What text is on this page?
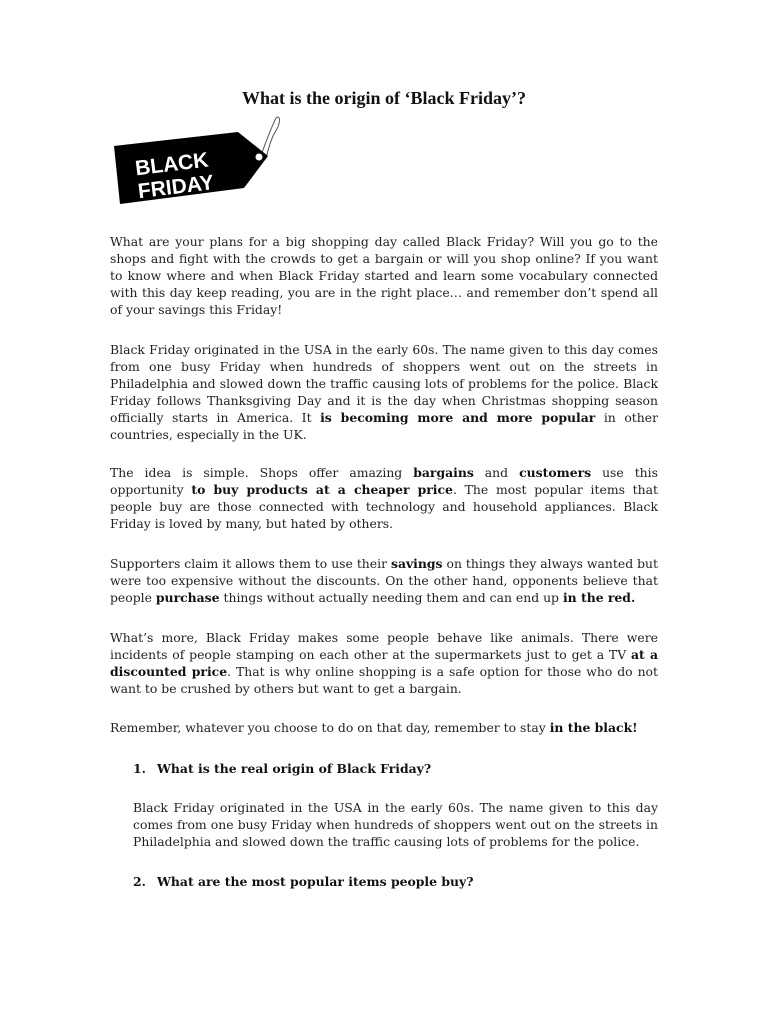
What is the origin of ‘Black Friday’?
BLACK
FRIDAY

What are your plans for a big shopping day called Black Friday? Will you go to the shops and fight with the crowds to get a bargain or will you shop online? If you want to know where and when Black Friday started and learn some vocabulary connected with this day keep reading, you are in the right place… and remember don’t spend all of your savings this Friday!

Black Friday originated in the USA in the early 60s. The name given to this day comes from one busy Friday when hundreds of shoppers went out on the streets in Philadelphia and slowed down the traffic causing lots of problems for the police. Black Friday follows Thanksgiving Day and it is the day when Christmas shopping season officially starts in America. It is becoming more and more popular in other countries, especially in the UK.

The idea is simple. Shops offer amazing bargains and customers use this opportunity to buy products at a cheaper price. The most popular items that people buy are those connected with technology and household appliances. Black Friday is loved by many, but hated by others.

Supporters claim it allows them to use their savings on things they always wanted but were too expensive without the discounts. On the other hand, opponents believe that people purchase things without actually needing them and can end up in the red.

What’s more, Black Friday makes some people behave like animals. There were incidents of people stamping on each other at the supermarkets just to get a TV at a discounted price. That is why online shopping is a safe option for those who do not want to be crushed by others but want to get a bargain.

Remember, whatever you choose to do on that day, remember to stay in the black!

1. What is the real origin of Black Friday?

Black Friday originated in the USA in the early 60s. The name given to this day comes from one busy Friday when hundreds of shoppers went out on the streets in Philadelphia and slowed down the traffic causing lots of problems for the police.

2. What are the most popular items people buy?
